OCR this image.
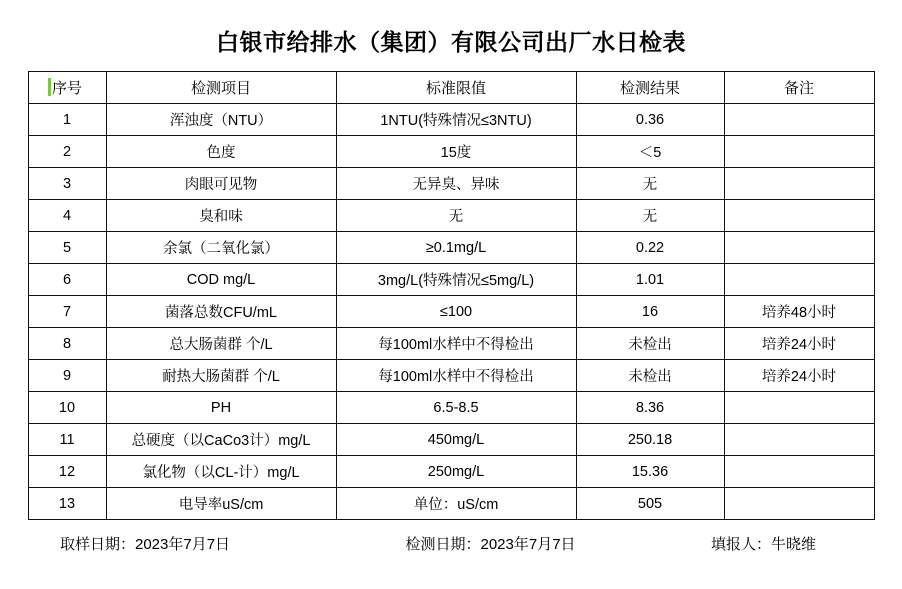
白银市给排水（集团）有限公司出厂水日检表
序号	检测项目	标准限值	检测结果	备注
1	浑浊度（NTU）	1NTU(特殊情况≤3NTU)	0.36	
2	色度	15度	＜5	
3	肉眼可见物	无异臭、异味	无	
4	臭和味	无	无	
5	余氯（二氧化氯）	≥0.1mg/L	0.22	
6	COD mg/L	3mg/L(特殊情况≤5mg/L)	1.01	
7	菌落总数CFU/mL	≤100	16	培养48小时
8	总大肠菌群 个/L	每100ml水样中不得检出	未检出	培养24小时
9	耐热大肠菌群 个/L	每100ml水样中不得检出	未检出	培养24小时
10	PH	6.5-8.5	8.36	
11	总硬度（以CaCo3计）mg/L	450mg/L	250.18	
12	氯化物（以CL-计）mg/L	250mg/L	15.36	
13	电导率uS/cm	单位：uS/cm	505	
取样日期：2023年7月7日	检测日期：2023年7月7日	填报人：牛晓维
